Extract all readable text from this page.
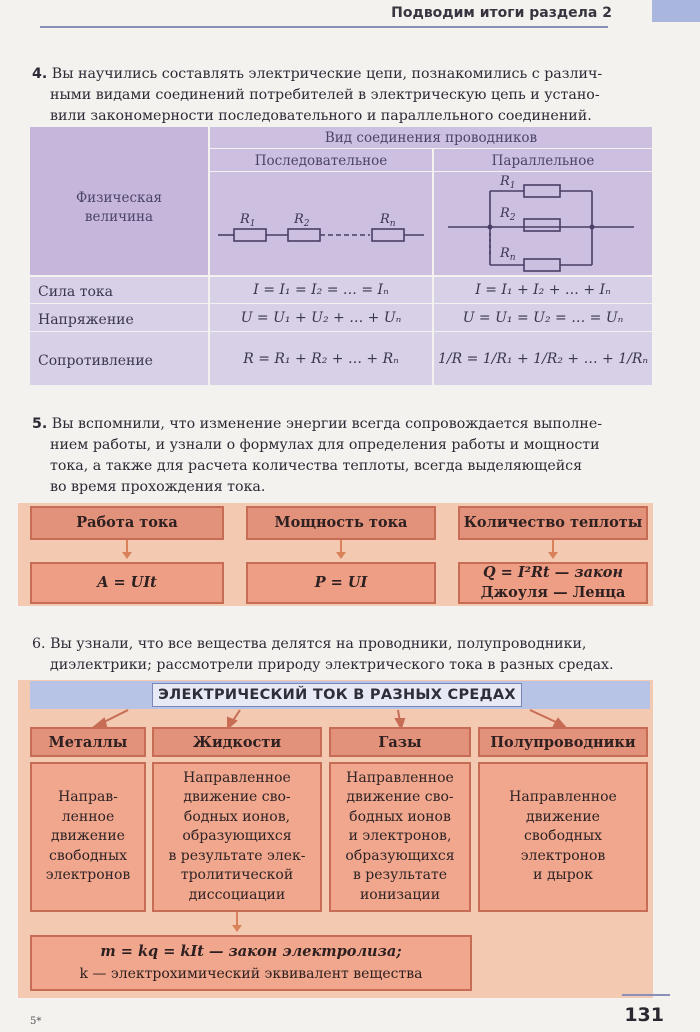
Подводим итоги раздела 2
4. Вы научились составлять электрические цепи, познакомились с различ-
ными видами соединений потребителей в электрическую цепь и устано-
вили закономерности последовательного и параллельного соединений.
Физическая
величина
Вид соединения проводников
Последовательное	Параллельное
$R_1$	$R_2$	$R_n$
$R_1$
$R_2$
$R_n$
Сила тока	I = I₁ = I₂ = … = Iₙ	I = I₁ + I₂ + … + Iₙ
Напряжение	U = U₁ + U₂ + … + Uₙ	U = U₁ = U₂ = … = Uₙ
Сопротивление	R = R₁ + R₂ + … + Rₙ	1/R = 1/R₁ + 1/R₂ + … + 1/Rₙ
5. Вы вспомнили, что изменение энергии всегда сопровождается выполне-
нием работы, и узнали о формулах для определения работы и мощности
тока, а также для расчета количества теплоты, всегда выделяющейся
во время прохождения тока.
Работа тока	Мощность тока	Количество теплоты
A = UIt	P = UI
Q = I²Rt — закон
Джоуля — Ленца
6. Вы узнали, что все вещества делятся на проводники, полупроводники,
диэлектрики; рассмотрели природу электрического тока в разных средах.
ЭЛЕКТРИЧЕСКИЙ ТОК В РАЗНЫХ СРЕДАХ
Металлы	Жидкости	Газы	Полупроводники
Направ-
ленное
движение
свободных
электронов
Направленное
движение сво-
бодных ионов,
образующихся
в результате элек-
тролитической
диссоциации
Направленное
движение сво-
бодных ионов
и электронов,
образующихся
в результате
ионизации
Направленное
движение
свободных
электронов
и дырок
m = kq = kIt — закон электролиза;
k — электрохимический эквивалент вещества
131
5*
